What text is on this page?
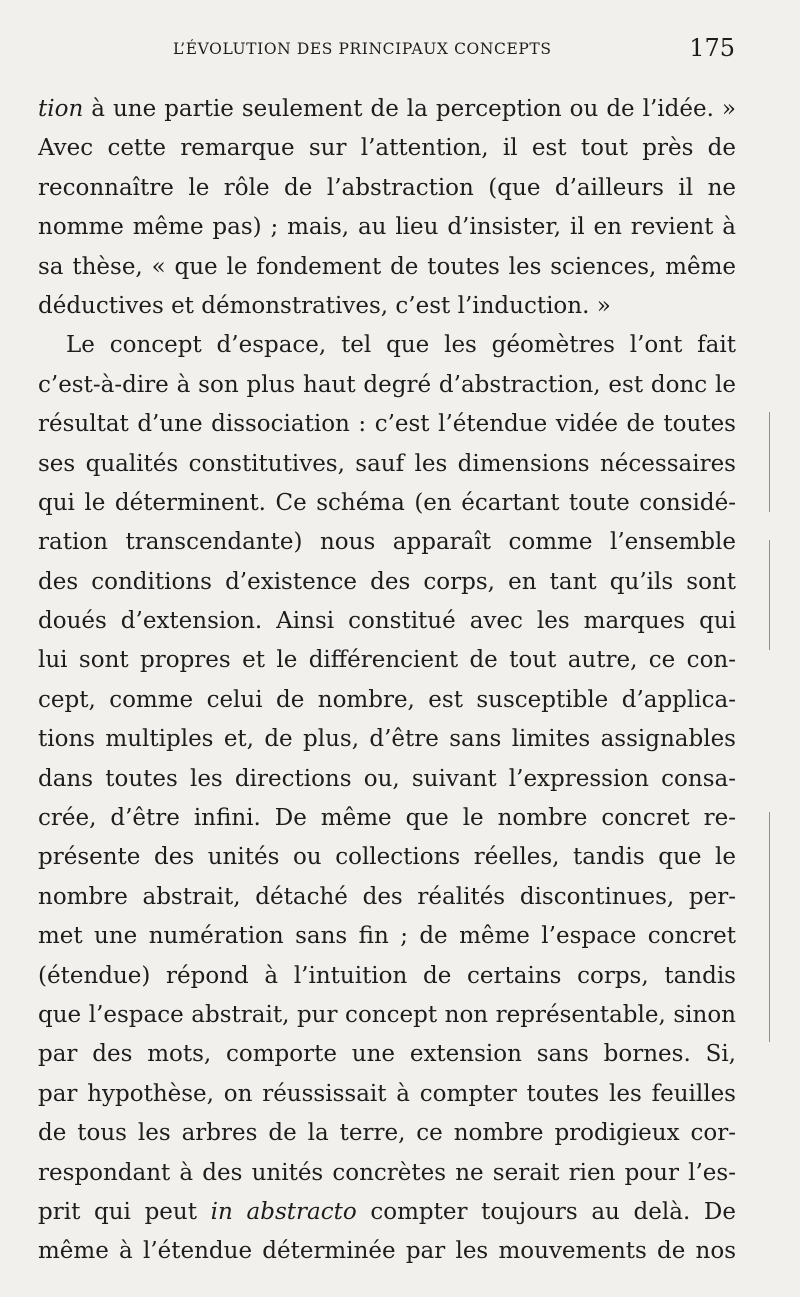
L’ÉVOLUTION DES PRINCIPAUX CONCEPTS	175
tion à une partie seulement de la perception ou de l’idée. »
Avec cette remarque sur l’attention, il est tout près de
reconnaître le rôle de l’abstraction (que d’ailleurs il ne
nomme même pas) ; mais, au lieu d’insister, il en revient à
sa thèse, « que le fondement de toutes les sciences, même
déductives et démonstratives, c’est l’induction. »
Le concept d’espace, tel que les géomètres l’ont fait
c’est-à-dire à son plus haut degré d’abstraction, est donc le
résultat d’une dissociation : c’est l’étendue vidée de toutes
ses qualités constitutives, sauf les dimensions nécessaires
qui le déterminent. Ce schéma (en écartant toute considé-
ration transcendante) nous apparaît comme l’ensemble
des conditions d’existence des corps, en tant qu’ils sont
doués d’extension. Ainsi constitué avec les marques qui
lui sont propres et le différencient de tout autre, ce con-
cept, comme celui de nombre, est susceptible d’applica-
tions multiples et, de plus, d’être sans limites assignables
dans toutes les directions ou, suivant l’expression consa-
crée, d’être infini. De même que le nombre concret re-
présente des unités ou collections réelles, tandis que le
nombre abstrait, détaché des réalités discontinues, per-
met une numération sans fin ; de même l’espace concret
(étendue) répond à l’intuition de certains corps, tandis
que l’espace abstrait, pur concept non représentable, sinon
par des mots, comporte une extension sans bornes. Si,
par hypothèse, on réussissait à compter toutes les feuilles
de tous les arbres de la terre, ce nombre prodigieux cor-
respondant à des unités concrètes ne serait rien pour l’es-
prit qui peut in abstracto compter toujours au delà. De
même à l’étendue déterminée par les mouvements de nos
